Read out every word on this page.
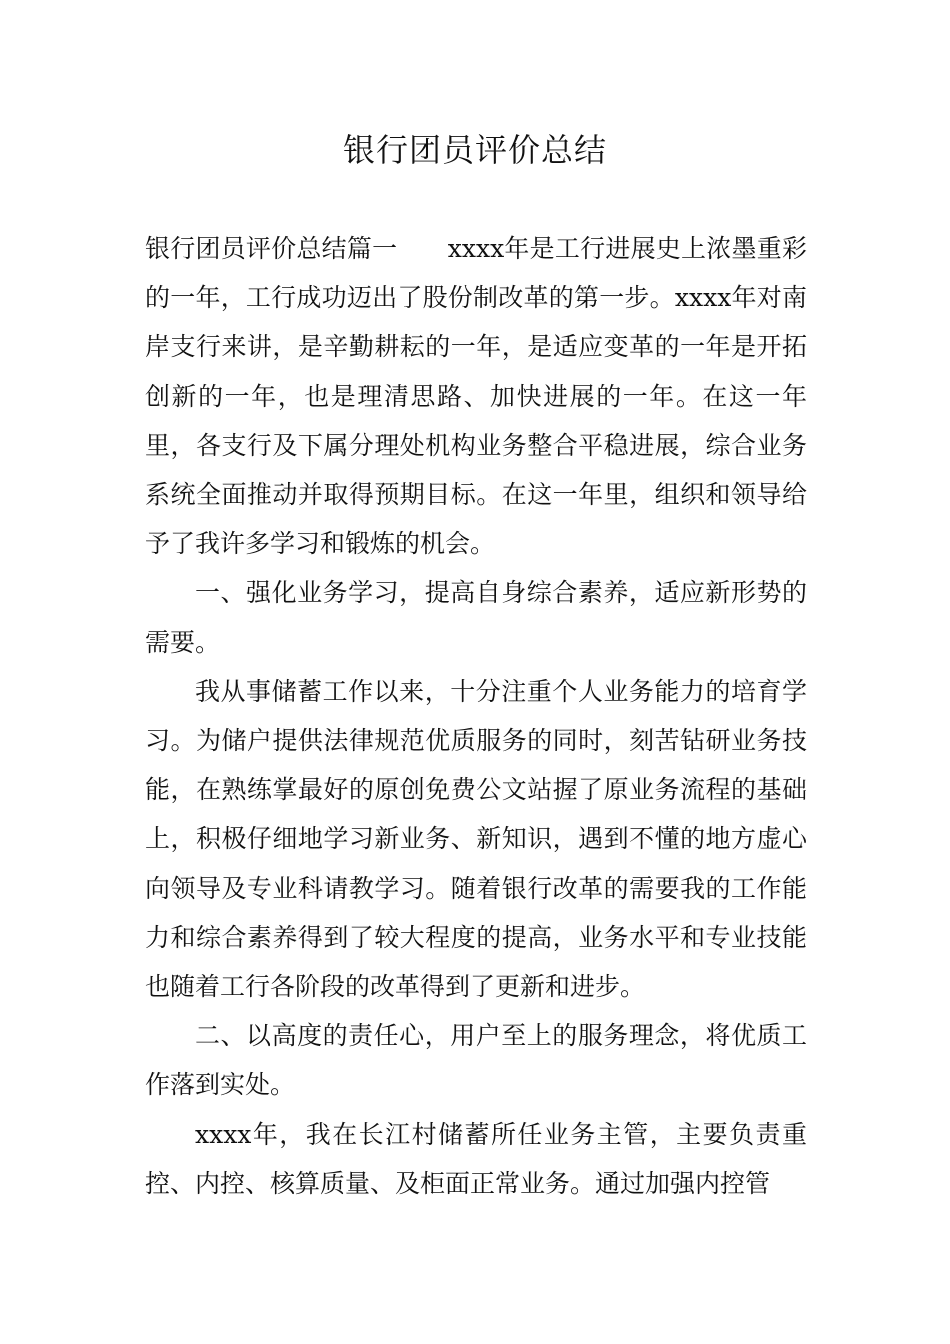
银行团员评价总结

银行团员评价总结篇一　　xxxx年是工行进展史上浓墨重彩的一年，工行成功迈出了股份制改革的第一步。xxxx年对南岸支行来讲，是辛勤耕耘的一年，是适应变革的一年是开拓创新的一年，也是理清思路、加快进展的一年。在这一年里，各支行及下属分理处机构业务整合平稳进展，综合业务系统全面推动并取得预期目标。在这一年里，组织和领导给予了我许多学习和锻炼的机会。

一、强化业务学习，提高自身综合素养，适应新形势的需要。

我从事储蓄工作以来，十分注重个人业务能力的培育学习。为储户提供法律规范优质服务的同时，刻苦钻研业务技能，在熟练掌最好的原创免费公文站握了原业务流程的基础上，积极仔细地学习新业务、新知识，遇到不懂的地方虚心向领导及专业科请教学习。随着银行改革的需要我的工作能力和综合素养得到了较大程度的提高，业务水平和专业技能也随着工行各阶段的改革得到了更新和进步。

二、以高度的责任心，用户至上的服务理念，将优质工作落到实处。

xxxx年，我在长江村储蓄所任业务主管，主要负责重控、内控、核算质量、及柜面正常业务。通过加强内控管
